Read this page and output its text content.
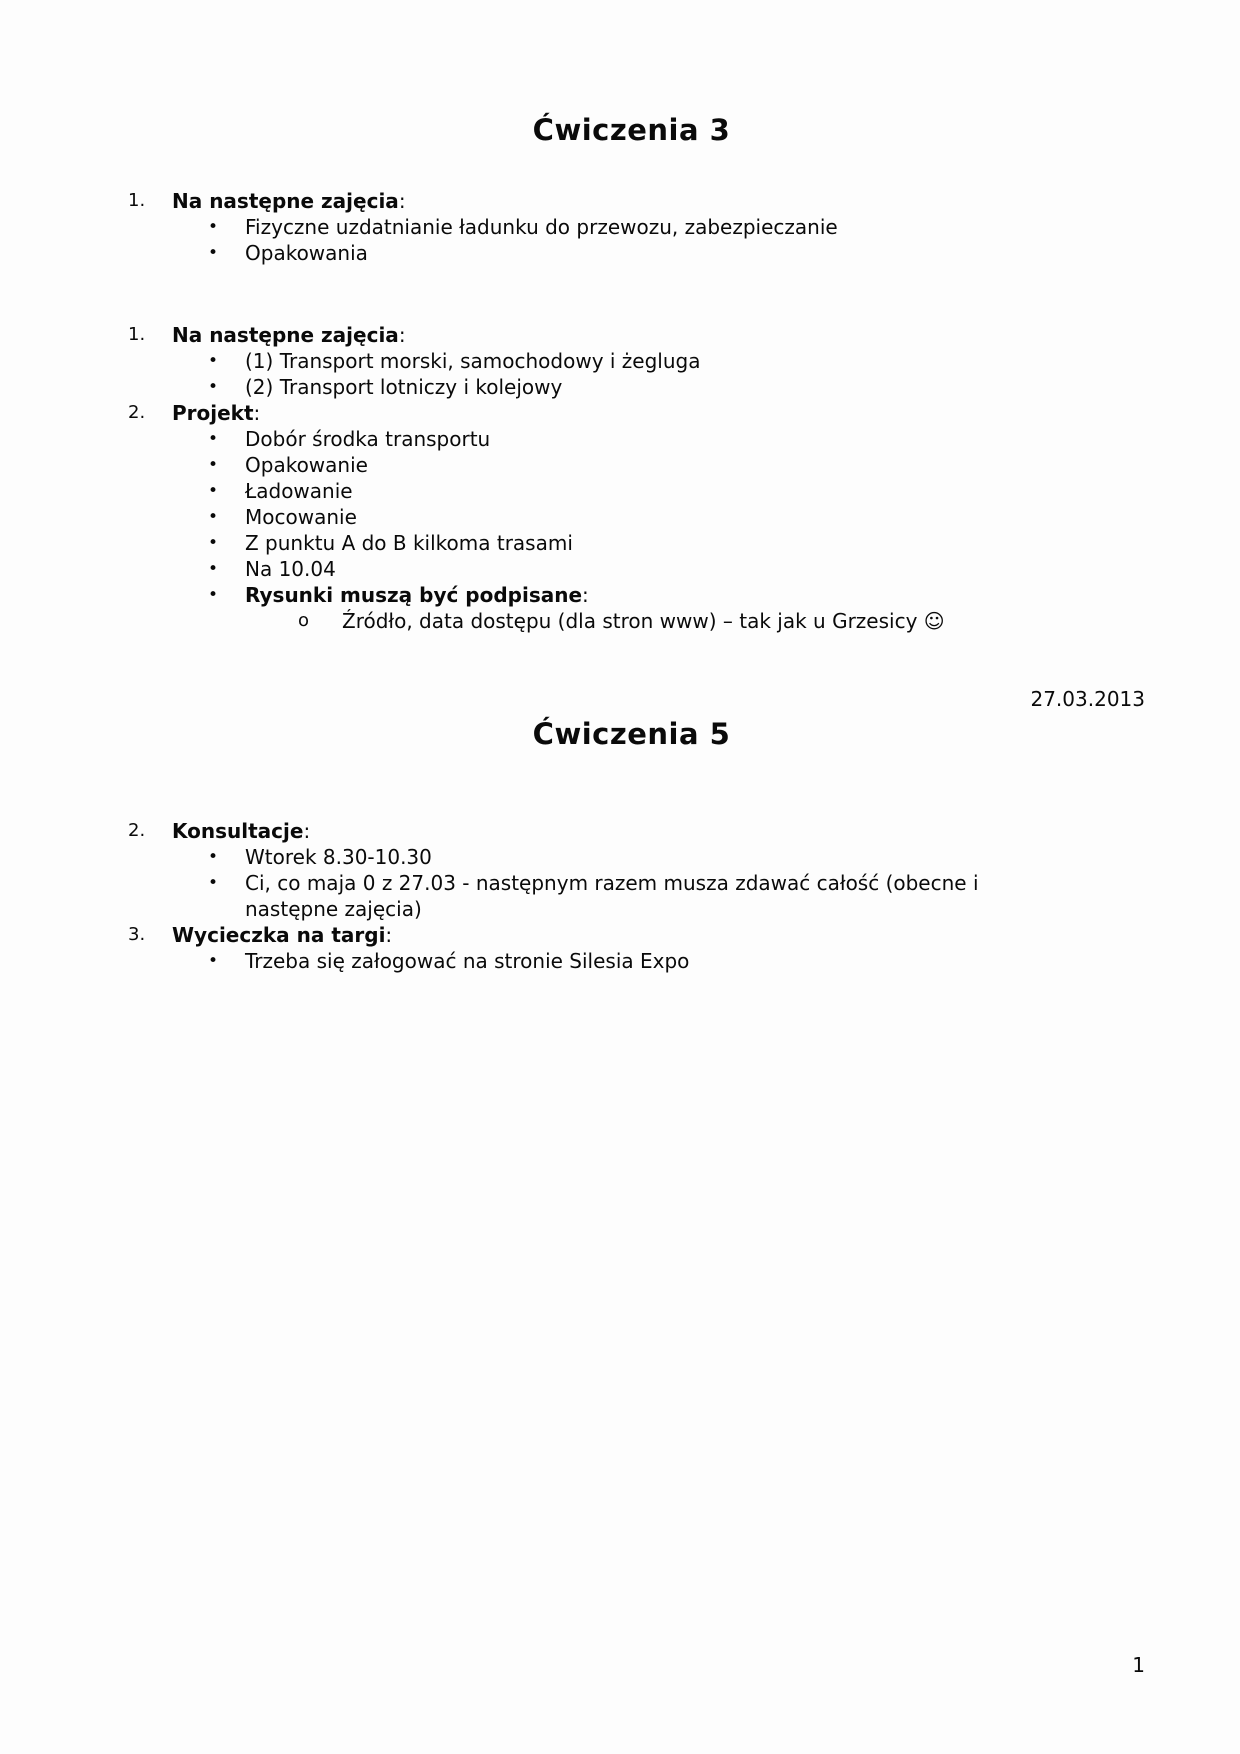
Ćwiczenia 3
1.	Na następne zajęcia:
•	Fizyczne uzdatnianie ładunku do przewozu, zabezpieczanie
•	Opakowania
1.	Na następne zajęcia:
•	(1) Transport morski, samochodowy i żegluga
•	(2) Transport lotniczy i kolejowy
2.	Projekt:
•	Dobór środka transportu
•	Opakowanie
•	Ładowanie
•	Mocowanie
•	Z punktu A do B kilkoma trasami
•	Na 10.04
•	Rysunki muszą być podpisane:
o	Źródło, data dostępu (dla stron www) – tak jak u Grzesicy ☺
27.03.2013
Ćwiczenia 5
2.	Konsultacje:
•	Wtorek 8.30-10.30
•	Ci, co maja 0 z 27.03 - następnym razem musza zdawać całość (obecne i następne zajęcia)
3.	Wycieczka na targi:
•	Trzeba się załogować na stronie Silesia Expo
1
